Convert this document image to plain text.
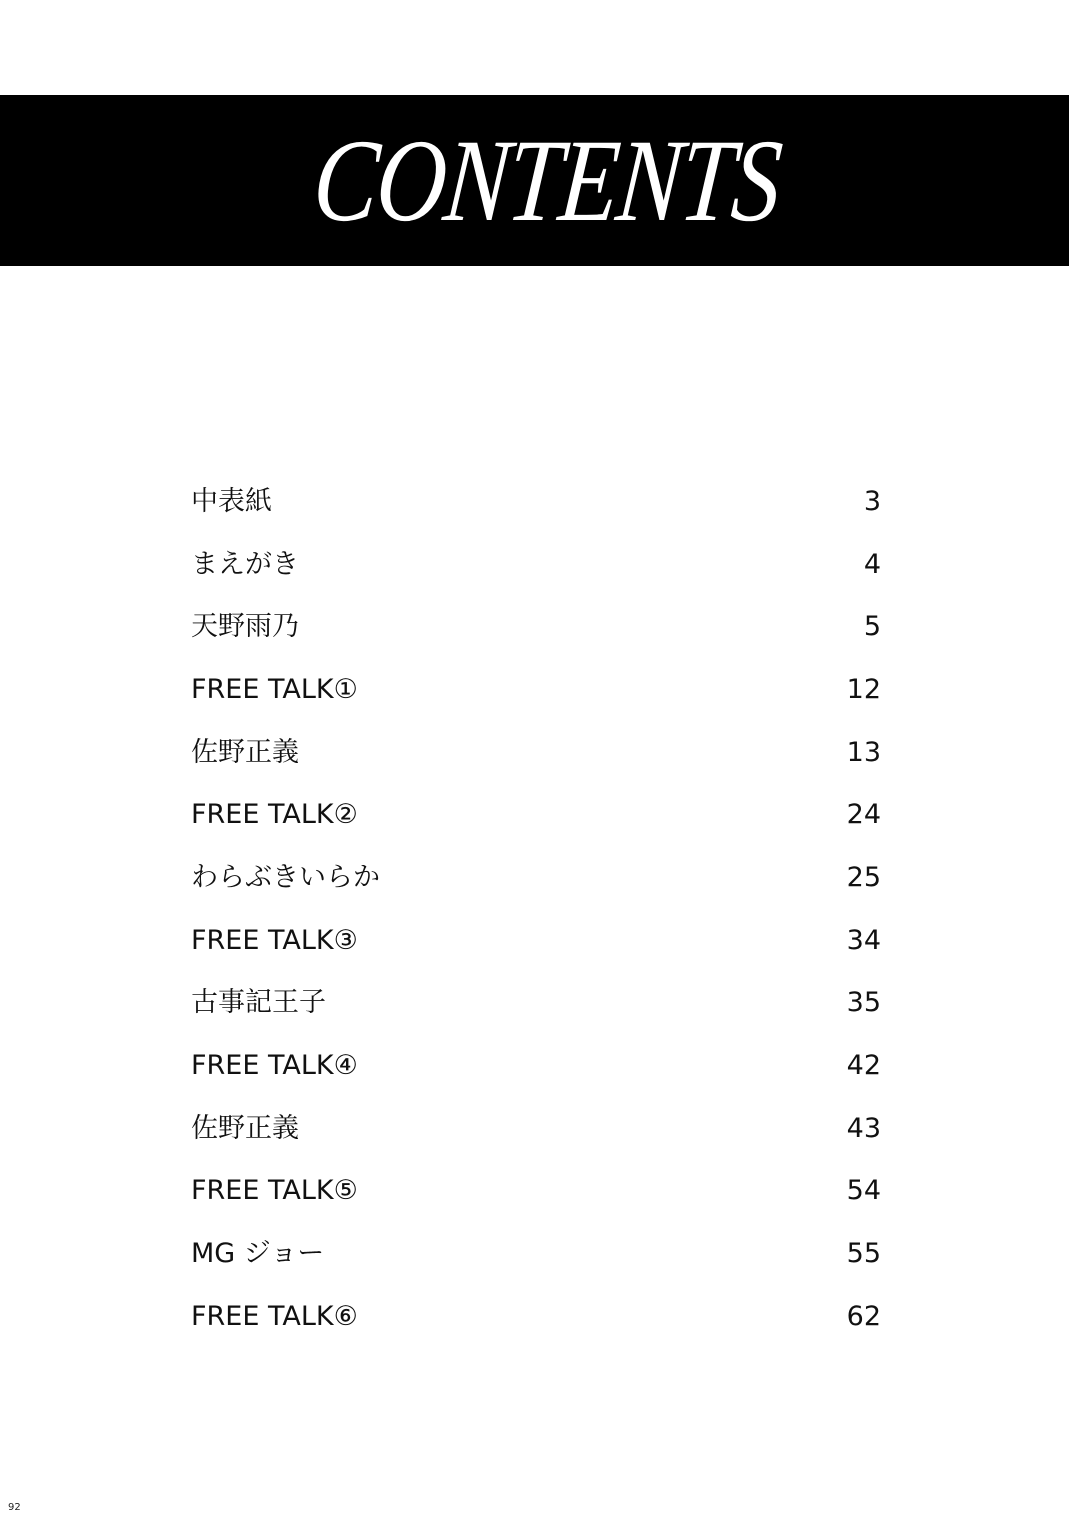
CONTENTS
中表紙	3
まえがき	4
天野雨乃	5
FREE TALK①	12
佐野正義	13
FREE TALK②	24
わらぶきいらか	25
FREE TALK③	34
古事記王子	35
FREE TALK④	42
佐野正義	43
FREE TALK⑤	54
MG ジョー	55
FREE TALK⑥	62
92
